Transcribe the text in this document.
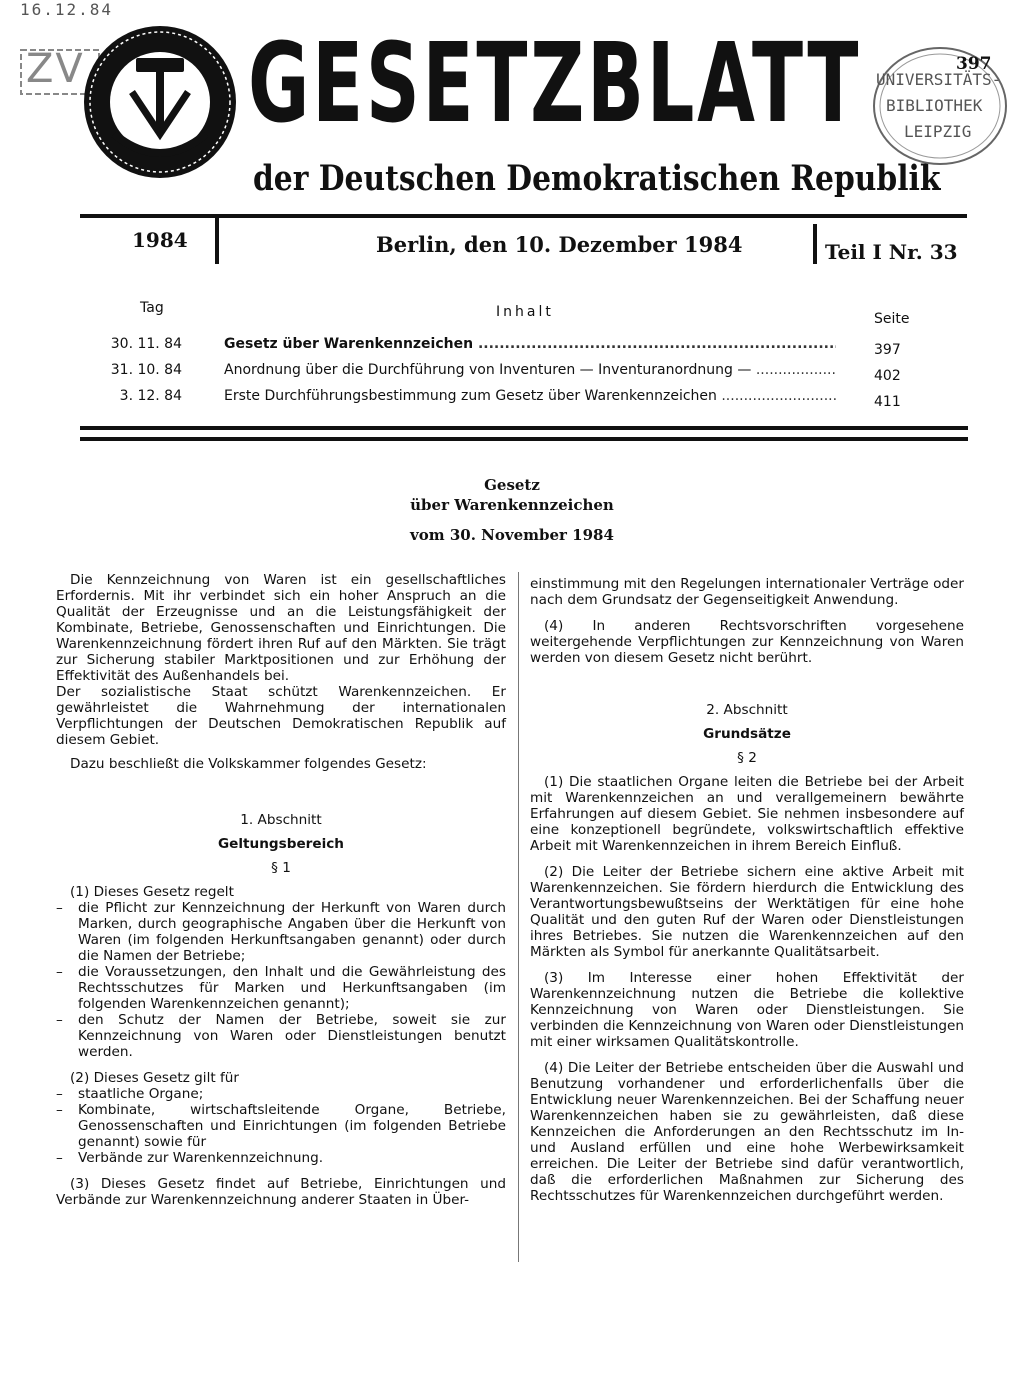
16.12.84
ZV GESETZBLATT
der Deutschen Demokratischen Republik
UNIVERSITÄTS-
BIBLIOTHEK
LEIPZIG
397
1984	Berlin, den 10. Dezember 1984	Teil I Nr. 33
Tag	Inhalt	Seite
30. 11. 84	Gesetz über Warenkennzeichen .....	397
31. 10. 84	Anordnung über die Durchführung von Inventuren — Inventuranordnung — .....	402
3. 12. 84	Erste Durchführungsbestimmung zum Gesetz über Warenkennzeichen .....	411
Gesetz
über Warenkennzeichen
vom 30. November 1984

Die Kennzeichnung von Waren ist ein gesellschaftliches Erfordernis. Mit ihr verbindet sich ein hoher Anspruch an die Qualität der Erzeugnisse und an die Leistungsfähigkeit der Kombinate, Betriebe, Genossenschaften und Einrichtungen. Die Warenkennzeichnung fördert ihren Ruf auf den Märkten. Sie trägt zur Sicherung stabiler Marktpositionen und zur Erhöhung der Effektivität des Außenhandels bei.

Der sozialistische Staat schützt Warenkennzeichen. Er gewährleistet die Wahrnehmung der internationalen Verpflichtungen der Deutschen Demokratischen Republik auf diesem Gebiet.

Dazu beschließt die Volkskammer folgendes Gesetz:

1. Abschnitt

Geltungsbereich

§ 1

(1) Dieses Gesetz regelt

– die Pflicht zur Kennzeichnung der Herkunft von Waren durch Marken, durch geographische Angaben über die Herkunft von Waren (im folgenden Herkunftsangaben genannt) oder durch die Namen der Betriebe;

– die Voraussetzungen, den Inhalt und die Gewährleistung des Rechtsschutzes für Marken und Herkunftsangaben (im folgenden Warenkennzeichen genannt);

– den Schutz der Namen der Betriebe, soweit sie zur Kennzeichnung von Waren oder Dienstleistungen benutzt werden.

(2) Dieses Gesetz gilt für

– staatliche Organe;

– Kombinate, wirtschaftsleitende Organe, Betriebe, Genossenschaften und Einrichtungen (im folgenden Betriebe genannt) sowie für

– Verbände zur Warenkennzeichnung.

(3) Dieses Gesetz findet auf Betriebe, Einrichtungen und Verbände zur Warenkennzeichnung anderer Staaten in Über-

einstimmung mit den Regelungen internationaler Verträge oder nach dem Grundsatz der Gegenseitigkeit Anwendung.

(4) In anderen Rechtsvorschriften vorgesehene weitergehende Verpflichtungen zur Kennzeichnung von Waren werden von diesem Gesetz nicht berührt.

2. Abschnitt

Grundsätze

§ 2

(1) Die staatlichen Organe leiten die Betriebe bei der Arbeit mit Warenkennzeichen an und verallgemeinern bewährte Erfahrungen auf diesem Gebiet. Sie nehmen insbesondere auf eine konzeptionell begründete, volkswirtschaftlich effektive Arbeit mit Warenkennzeichen in ihrem Bereich Einfluß.

(2) Die Leiter der Betriebe sichern eine aktive Arbeit mit Warenkennzeichen. Sie fördern hierdurch die Entwicklung des Verantwortungsbewußtseins der Werktätigen für eine hohe Qualität und den guten Ruf der Waren oder Dienstleistungen ihres Betriebes. Sie nutzen die Warenkennzeichen auf den Märkten als Symbol für anerkannte Qualitätsarbeit.

(3) Im Interesse einer hohen Effektivität der Warenkennzeichnung nutzen die Betriebe die kollektive Kennzeichnung von Waren oder Dienstleistungen. Sie verbinden die Kennzeichnung von Waren oder Dienstleistungen mit einer wirksamen Qualitätskontrolle.

(4) Die Leiter der Betriebe entscheiden über die Auswahl und Benutzung vorhandener und erforderlichenfalls über die Entwicklung neuer Warenkennzeichen. Bei der Schaffung neuer Warenkennzeichen haben sie zu gewährleisten, daß diese Kennzeichen die Anforderungen an den Rechtsschutz im In- und Ausland erfüllen und eine hohe Werbewirksamkeit erreichen. Die Leiter der Betriebe sind dafür verantwortlich, daß die erforderlichen Maßnahmen zur Sicherung des Rechtsschutzes für Warenkennzeichen durchgeführt werden.
